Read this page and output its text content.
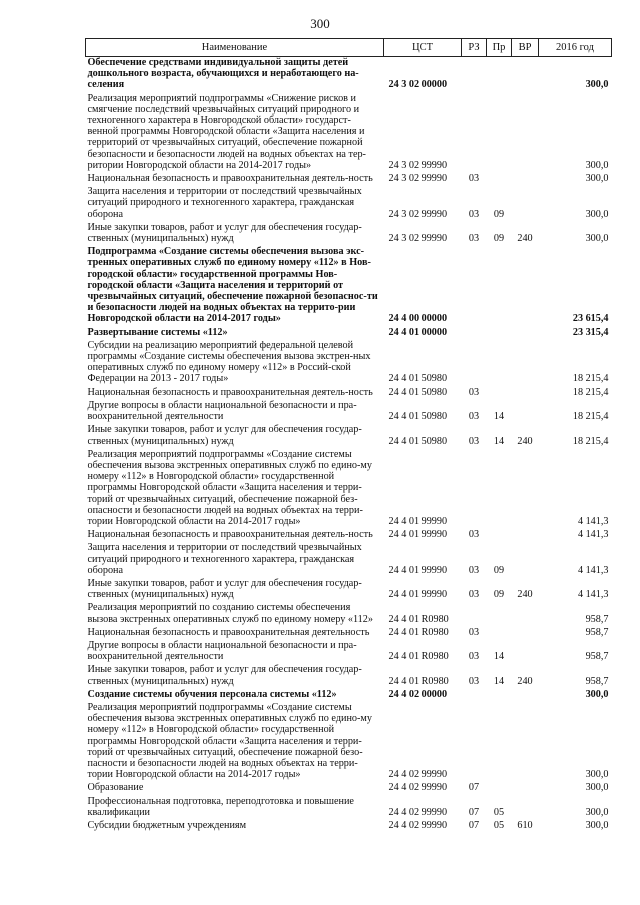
300
Наименование	ЦСТ	РЗ	Пр	ВР	2016 год
Обеспечение средствами индивидуальной защиты детей дошкольного возраста, обучающихся и неработающего на-селения	24 3 02 00000				300,0
Реализация мероприятий подпрограммы «Снижение рисков и смягчение последствий чрезвычайных ситуаций природного и техногенного характера в Новгородской области» государст-венной программы Новгородской области «Защита населения и территорий от чрезвычайных ситуаций, обеспечение пожарной безопасности и безопасности людей на водных объектах на тер-ритории Новгородской области на 2014-2017 годы»	24 3 02 99990				300,0
Национальная безопасность и правоохранительная деятель-ность	24 3 02 99990	03			300,0
Защита населения и территории от последствий чрезвычайных ситуаций природного и техногенного характера, гражданская оборона	24 3 02 99990	03	09		300,0
Иные закупки товаров, работ и услуг для обеспечения государ-ственных (муниципальных) нужд	24 3 02 99990	03	09	240	300,0
Подпрограмма «Создание системы обеспечения вызова экс-тренных оперативных служб по единому номеру «112» в Нов-городской области» государственной программы Нов-городской области «Защита населения и территорий от чрезвычайных ситуаций, обеспечение пожарной безопаснос-ти и безопасности людей на водных объектах на террито-рии Новгородской области на 2014-2017 годы»	24 4 00 00000				23 615,4
Развертывание системы «112»	24 4 01 00000				23 315,4
Субсидии на реализацию мероприятий федеральной целевой программы «Создание системы обеспечения вызова экстрен-ных оперативных служб по единому номеру «112» в Россий-ской Федерации на 2013 - 2017 годы»	24 4 01 50980				18 215,4
Национальная безопасность и правоохранительная деятель-ность	24 4 01 50980	03			18 215,4
Другие вопросы в области национальной безопасности и пра-воохранительной деятельности	24 4 01 50980	03	14		18 215,4
Иные закупки товаров, работ и услуг для обеспечения государ-ственных (муниципальных) нужд	24 4 01 50980	03	14	240	18 215,4
Реализация мероприятий подпрограммы «Создание системы обеспечения вызова экстренных оперативных служб по едино-му номеру «112» в Новгородской области» государственной программы Новгородской области «Защита населения и терри-торий от чрезвычайных ситуаций, обеспечение пожарной без-опасности и безопасности людей на водных объектах на терри-тории Новгородской области на 2014-2017 годы»	24 4 01 99990				4 141,3
Национальная безопасность и правоохранительная деятель-ность	24 4 01 99990	03			4 141,3
Защита населения и территории от последствий чрезвычайных ситуаций природного и техногенного характера, гражданская оборона	24 4 01 99990	03	09		4 141,3
Иные закупки товаров, работ и услуг для обеспечения государ-ственных (муниципальных) нужд	24 4 01 99990	03	09	240	4 141,3
Реализация мероприятий по созданию системы обеспечения вызова экстренных оперативных служб по единому номеру «112»	24 4 01 R0980				958,7
Национальная безопасность и правоохранительная деятельность	24 4 01 R0980	03			958,7
Другие вопросы в области национальной безопасности и пра-воохранительной деятельности	24 4 01 R0980	03	14		958,7
Иные закупки товаров, работ и услуг для обеспечения государ-ственных (муниципальных) нужд	24 4 01 R0980	03	14	240	958,7
Создание системы обучения персонала системы «112»	24 4 02 00000				300,0
Реализация мероприятий подпрограммы «Создание системы обеспечения вызова экстренных оперативных служб по едино-му номеру «112» в Новгородской области» государственной программы Новгородской области «Защита населения и терри-торий от чрезвычайных ситуаций, обеспечение пожарной безо-пасности и безопасности людей на водных объектах на терри-тории Новгородской области на 2014-2017 годы»	24 4 02 99990				300,0
Образование	24 4 02 99990	07			300,0
Профессиональная подготовка, переподготовка и повышение квалификации	24 4 02 99990	07	05		300,0
Субсидии бюджетным учреждениям	24 4 02 99990	07	05	610	300,0
